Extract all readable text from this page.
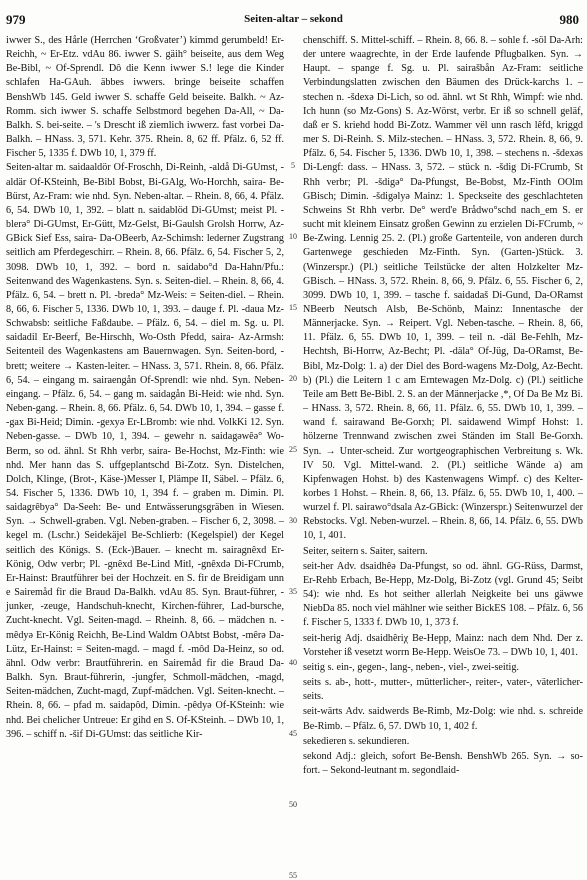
979	Seiten-altar – sekond	980

iwwer S., des Hårle (Herrchen ‘Großvater’) kimmd gerumbeld! Er-Reichh, ~ Er-Etz. vdAu 86. iwwer S. gäih° beiseite, aus dem Weg Be-Bibl, ~ Of-Sprendl. Dô die Kenn iwwer S.! lege die Kinder schlafen Ha-GAuh. äbbes iwwers. bringe beiseite schaffen BenshWb 145. Geld iwwer S. schaffe Geld beiseite. Balkh. ~ Az-Romm. sich iwwer S. schaffe Selbstmord begehen Da-All, ~ Da-Balkh. S. bei-seite. – 's Drescht iß ziemlich iwwerz. fast vorbei Da-Balkh. – HNass. 3, 571. Kehr. 375. Rhein. 8, 62 ff. Pfälz. 6, 52 ff. Fischer 5, 1335 f. DWb 10, 1, 379 ff.

Seiten-altar m. saidaaldör Of-Froschh, Di-Reinh, -aldå Di-GUmst, -aldär Of-KSteinh, Be-Bibl Bobst, Bi-GAlg, Wo-Horchh, saira- Be-Bürst, Az-Fram: wie nhd. Syn. Neben-altar. – Rhein. 8, 66, 4. Pfälz. 6, 54. DWb 10, 1, 392. – blatt n. saidablöd Di-GUmst; meist Pl. -blerə° Di-GUmst, Er-Gütt, Mz-Gelst, Bi-Gaulsh Grolsh Horrw, Az-GBick Sief Ess, saira- Da-OBeerb, Az-Schimsh: lederner Zugstrang seitlich am Pferdegeschirr. – Rhein. 8, 66. Pfälz. 6, 54. Fischer 5, 2, 3098. DWb 10, 1, 392. – bord n. saidabo°d Da-Hahn/Pfu.: Seitenwand des Wagenkastens. Syn. s. Seiten-diel. – Rhein. 8, 66, 4. Pfälz. 6, 54. – brett n. Pl. -bredə° Mz-Weis: = Seiten-diel. – Rhein. 8, 66, 6. Fischer 5, 1336. DWb 10, 1, 393. – dauge f. Pl. -daua Mz-Schwabsb: seitliche Faßdaube. – Pfälz. 6, 54. – diel m. Sg. u. Pl. saidadil Er-Beerf, Be-Hirschh, Wo-Osth Pfedd, saira- Az-Armsh: Seitenteil des Wagenkastens am Bauernwagen. Syn. Seiten-bord, -brett; weitere → Kasten-leiter. – HNass. 3, 571. Rhein. 8, 66. Pfälz. 6, 54. – eingang m. sairaengån Of-Sprendl: wie nhd. Syn. Neben-eingang. – Pfälz. 6, 54. – gang m. saidagån Bi-Heid: wie nhd. Syn. Neben-gang. – Rhein. 8, 66. Pfälz. 6, 54. DWb 10, 1, 394. – gasse f. -gax Bi-Heid; Dimin. -gexyə Er-LBromb: wie nhd. VolkKi 12. Syn. Neben-gasse. – DWb 10, 1, 394. – gewehr n. saidagəwêə° Wo-Berm, so od. ähnl. St Rhh verbr, saira- Be-Hochst, Mz-Finth: wie nhd. Mer hann das S. uffgeplantschd Bi-Zotz. Syn. Distelchen, Dolch, Klinge, (Brot-, Käse-)Messer I, Plämpe II, Säbel. – Pfälz. 6, 54. Fischer 5, 1336. DWb 10, 1, 394 f. – graben m. Dimin. Pl. saidagrêbyə° Da-Seeh: Be- und Entwässerungsgräben in Wiesen. Syn. → Schwell-graben. Vgl. Neben-graben. – Fischer 6, 2, 3098. – kegel m. (Lschr.) Seidekäjel Be-Schlierb: (Kegelspiel) der Kegel seitlich des Königs. S. (Eck-)Bauer. – knecht m. sairagnêxd Er-König, Odw verbr; Pl. -gnêxd Be-Lind Mitl, -gnêxdə Di-FCrumb, Er-Hainst: Brautführer bei der Hochzeit. en S. fir de Breidigam unn e Sairemåd fir die Braud Da-Balkh. vdAu 85. Syn. Braut-führer, -junker, -zeuge, Handschuh-knecht, Kirchen-führer, Lad-bursche, Zucht-knecht. Vgl. Seiten-magd. – Rheinh. 8, 66. – mädchen n. -mêdyə Er-König Reichh, Be-Lind Waldm OAbtst Bobst, -mêrə Da-Lütz, Er-Hainst: = Seiten-magd. – magd f. -môd Da-Heinz, so od. ähnl. Odw verbr: Brautführerin. en Sairemåd fir die Braud Da-Balkh. Syn. Braut-führerin, -jungfer, Schmoll-mädchen, -magd, Seiten-mädchen, Zucht-magd, Zupf-mädchen. Vgl. Seiten-knecht. – Rhein. 8, 66. – pfad m. saidapôd, Dimin. -pêdyə Of-KSteinh: wie nhd. Bei chelicher Untreue: Er gihd en S. Of-KSteinh. – DWb 10, 1, 396. – schiff n. -šif Di-GUmst: das seitliche Kir-

5
10
15
20
25
30
35
40
45
50
55

chenschiff. S. Mittel-schiff. – Rhein. 8, 66. 8. – sohle f. -söl Da-Arh: der untere waagrechte, in der Erde laufende Pflugbalken. Syn. → Haupt. – spange f. Sg. u. Pl. sairašbån Az-Fram: seitliche Verbindungslatten zwischen den Bäumen des Drück-karchs 1. – stechen n. -šdexə Di-Lich, so od. ähnl. wt St Rhh, Wimpf: wie nhd. Ich hunn (so Mz-Gons) S. Az-Wörst, verbr. Er iß so schnell geläf, daß er S. kriehd hodd Bi-Zotz. Wammer vël unn rasch lêfd, kriggd mer S. Di-Reinh. S. Milz-stechen. – HNass. 3, 572. Rhein. 8, 66, 9. Pfälz. 6, 54. Fischer 5, 1336. DWb 10, 1, 398. – stechens n. -šdexəs Di-Lengf: dass. – HNass. 3, 572. – stück n. -šdig Di-FCrumb, St Rhh verbr; Pl. -šdigə° Da-Pfungst, Be-Bobst, Mz-Finth OOlm GBisch; Dimin. -šdigəlyə Mainz: 1. Speckseite des geschlachteten Schweins St Rhh verbr. De° werd'e Brådwo°schd nach_em S. er sucht mit kleinem Einsatz großen Gewinn zu erzielen Di-FCrumb, ~ Be-Zwing. Lennig 25. 2. (Pl.) große Gartenteile, von anderen durch Gartenwege geschieden Mz-Finth. Syn. (Garten-)Stück. 3. (Winzerspr.) (Pl.) seitliche Teilstücke der alten Holzkelter Mz-GBisch. – HNass. 3, 572. Rhein. 8, 66, 9. Pfälz. 6, 55. Fischer 6, 2, 3099. DWb 10, 1, 399. – tasche f. saidadaš Di-Gund, Da-ORamst NBeerb Neutsch Alsb, Be-Schönb, Mainz: Innentasche der Männerjacke. Syn. → Reipert. Vgl. Neben-tasche. – Rhein. 8, 66, 11. Pfälz. 6, 55. DWb 10, 1, 399. – teil n. -däl Be-Fehlh, Mz-Hechtsh, Bi-Horrw, Az-Becht; Pl. -däla° Of-Jüg, Da-ORamst, Be-Bibl, Mz-Dolg: 1. a) der Diel des Bord-wagens Mz-Dolg, Az-Becht. b) (Pl.) die Leitern 1 c am Erntewagen Mz-Dolg. c) (Pl.) seitliche Teile am Bett Be-Bibl. 2. S. an der Männerjacke ,*, Of Da Be Mz Bi. – HNass. 3, 572. Rhein. 8, 66, 11. Pfälz. 6, 55. DWb 10, 1, 399. – wand f. sairawand Be-Gorxh; Pl. saidawend Wimpf Hohst: 1. hölzerne Trennwand zwischen zwei Ständen im Stall Be-Gorxh. Syn. → Unter-scheid. Zur wortgeographischen Verbreitung s. Wk. IV 50. Vgl. Mittel-wand. 2. (Pl.) seitliche Wände a) am Kipfenwagen Hohst. b) des Kastenwagens Wimpf. c) des Kelter-korbes 1 Hohst. – Rhein. 8, 66, 13. Pfälz. 6, 55. DWb 10, 1, 400. – wurzel f. Pl. sairawo°dsala Az-GBick: (Winzerspr.) Seitenwurzel der Rebstocks. Vgl. Neben-wurzel. – Rhein. 8, 66, 14. Pfälz. 6, 55. DWb 10, 1, 401.

Seiter, seitern s. Saiter, saitern.

seit-her Adv. dsaidhêə Da-Pfungst, so od. ähnl. GG-Rüss, Darmst, Er-Rehb Erbach, Be-Hepp, Mz-Dolg, Bi-Zotz (vgl. Grund 45; Seibt 54): wie nhd. Es hot seither allerlah Neigkeite bei uns gäwwe NiebDa 85. noch viel mählner wie seither BickES 108. – Pfälz. 6, 56 f. Fischer 5, 1333 f. DWb 10, 1, 373 f.

seit-herig Adj. dsaidhêriχ Be-Hepp, Mainz: nach dem Nhd. Der z. Vorsteher iß vesetzt worrn Be-Hepp. WeisOe 73. – DWb 10, 1, 401.

seitig s. ein-, gegen-, lang-, neben-, viel-, zwei-seitig.

seits s. ab-, hott-, mutter-, mütterlicher-, reiter-, vater-, väterlicher-seits.

seit-wärts Adv. saidwerds Be-Rimb, Mz-Dolg: wie nhd. s. schreide Be-Rimb. – Pfälz. 6, 57. DWb 10, 1, 402 f.

sekedieren s. sekundieren.

sekond Adj.: gleich, sofort Be-Bensh. BenshWb 265. Syn. → so-fort. – Sekond-leutnant m. segondlaid-
